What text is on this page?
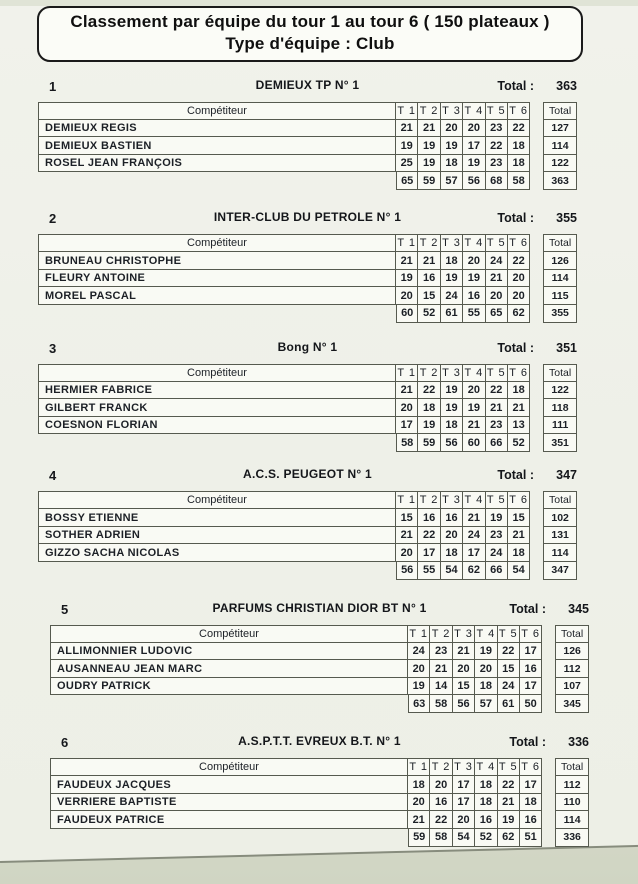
Classement par équipe du tour 1 au tour 6 ( 150 plateaux )
Type d'équipe : Club
1	DEMIEUX TP N° 1	Total : 363
Compétiteur	T 1 T 2 T 3 T 4 T 5 T 6	Total
DEMIEUX REGIS	21 21 20 20 23 22	127
DEMIEUX BASTIEN	19 19 19 17 22 18	114
ROSEL JEAN FRANÇOIS	25 19 18 19 23 18	122
65 59 57 56 68 58	363
2	INTER-CLUB DU PETROLE N° 1	Total : 355
Compétiteur	T 1 T 2 T 3 T 4 T 5 T 6	Total
BRUNEAU CHRISTOPHE	21 21 18 20 24 22	126
FLEURY ANTOINE	19 16 19 19 21 20	114
MOREL PASCAL	20 15 24 16 20 20	115
60 52 61 55 65 62	355
3	Bong N° 1	Total : 351
Compétiteur	T 1 T 2 T 3 T 4 T 5 T 6	Total
HERMIER FABRICE	21 22 19 20 22 18	122
GILBERT FRANCK	20 18 19 19 21 21	118
COESNON FLORIAN	17 19 18 21 23 13	111
58 59 56 60 66 52	351
4	A.C.S. PEUGEOT N° 1	Total : 347
Compétiteur	T 1 T 2 T 3 T 4 T 5 T 6	Total
BOSSY ETIENNE	15 16 16 21 19 15	102
SOTHER ADRIEN	21 22 20 24 23 21	131
GIZZO SACHA NICOLAS	20 17 18 17 24 18	114
56 55 54 62 66 54	347
5	PARFUMS CHRISTIAN DIOR BT N° 1	Total : 345
Compétiteur	T 1 T 2 T 3 T 4 T 5 T 6	Total
ALLIMONNIER LUDOVIC	24 23 21 19 22 17	126
AUSANNEAU JEAN MARC	20 21 20 20 15 16	112
OUDRY PATRICK	19 14 15 18 24 17	107
63 58 56 57 61 50	345
6	A.S.P.T.T. EVREUX B.T. N° 1	Total : 336
Compétiteur	T 1 T 2 T 3 T 4 T 5 T 6	Total
FAUDEUX JACQUES	18 20 17 18 22 17	112
VERRIERE BAPTISTE	20 16 17 18 21 18	110
FAUDEUX PATRICE	21 22 20 16 19 16	114
59 58 54 52 62 51	336
